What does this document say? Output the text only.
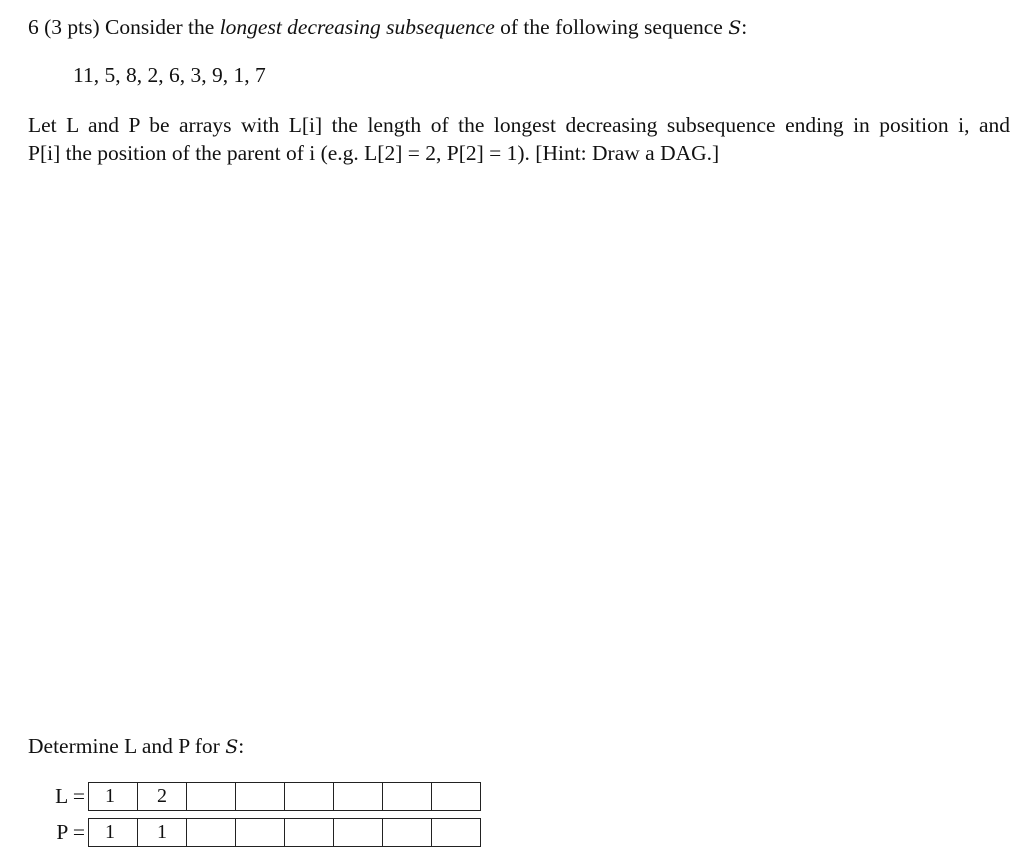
6 (3 pts) Consider the longest decreasing subsequence of the following sequence S:
11, 5, 8, 2, 6, 3, 9, 1, 7
Let L and P be arrays with L[i] the length of the longest decreasing subsequence ending in position i, and
P[i] the position of the parent of i (e.g. L[2] = 2, P[2] = 1). [Hint: Draw a DAG.]
Determine L and P for S:
L =	1	2
P =	1	1
